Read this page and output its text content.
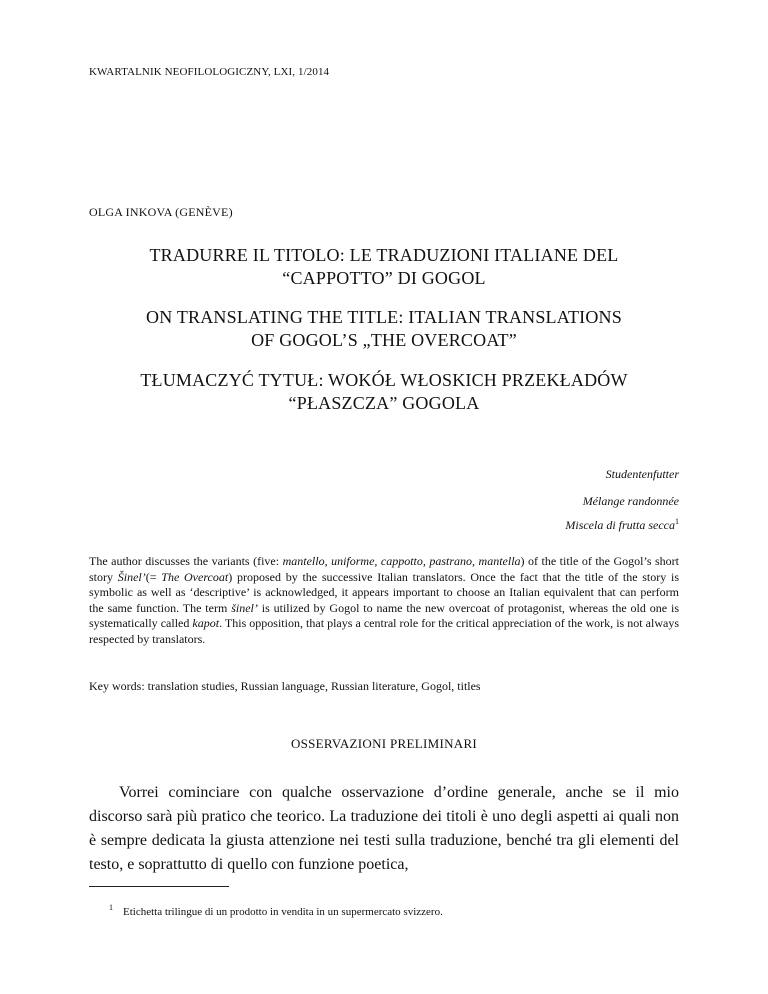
KWARTALNIK NEOFILOLOGICZNY, LXI, 1/2014
OLGA INKOVA (GENÈVE)
TRADURRE IL TITOLO: LE TRADUZIONI ITALIANE DEL
“CAPPOTTO” DI GOGOL
ON TRANSLATING THE TITLE: ITALIAN TRANSLATIONS
OF GOGOL’S „THE OVERCOAT”
TŁUMACZYĆ TYTUŁ: WOKÓŁ WŁOSKICH PRZEKŁADÓW
“PŁASZCZA” GOGOLA
Studentenfutter
Mélange randonnée
Miscela di frutta secca$^1$

The author discusses the variants (five: mantello, uniforme, cappotto, pastrano, mantella) of the title of the Gogol’s short story Šinel’(= The Overcoat) proposed by the successive Italian translators. Once the fact that the title of the story is symbolic as well as ‘descriptive’ is acknowledged, it appears important to choose an Italian equivalent that can perform the same function. The term šinel’ is utilized by Gogol to name the new overcoat of protagonist, whereas the old one is systematically called kapot. This opposition, that plays a central role for the critical appreciation of the work, is not always respected by translators.

Key words: translation studies, Russian language, Russian literature, Gogol, titles
OSSERVAZIONI PRELIMINARI

Vorrei cominciare con qualche osservazione d’ordine generale, anche se il mio discorso sarà più pratico che teorico. La traduzione dei titoli è uno degli aspetti ai quali non è sempre dedicata la giusta attenzione nei testi sulla traduzione, benché tra gli elementi del testo, e soprattutto di quello con funzione poetica,

$^1$ Etichetta trilingue di un prodotto in vendita in un supermercato svizzero.
